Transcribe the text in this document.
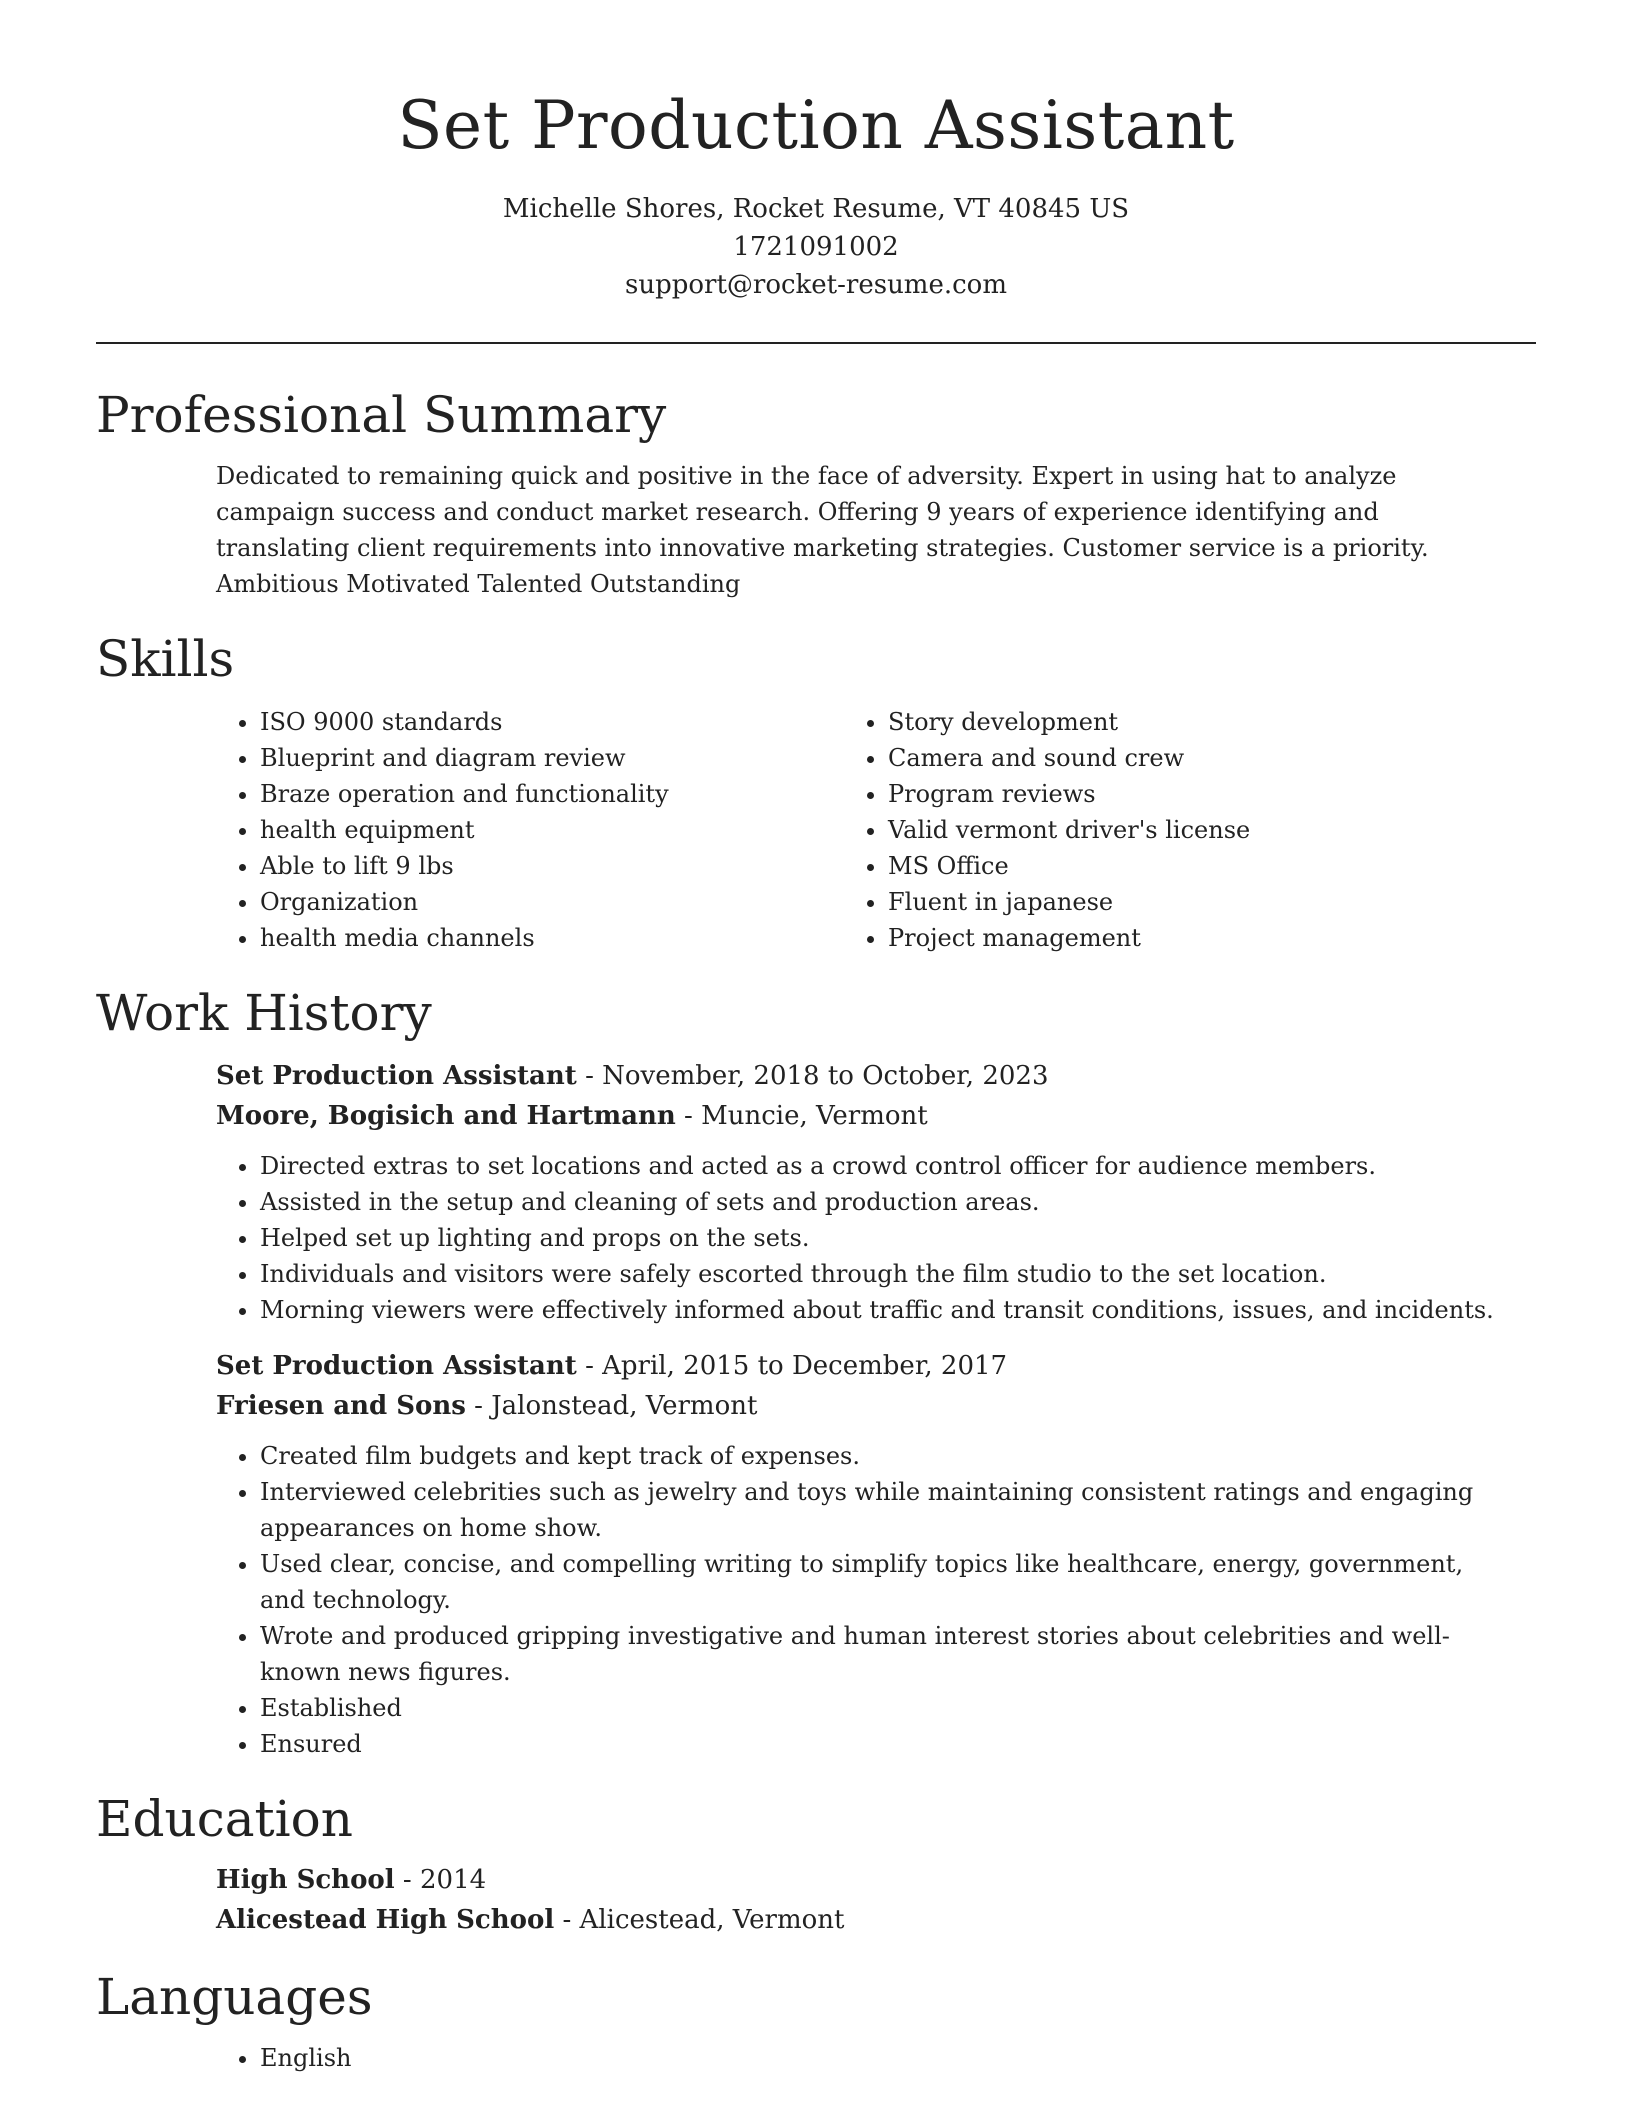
Set Production Assistant
Michelle Shores, Rocket Resume, VT 40845 US
1721091002
support@rocket-resume.com
Professional Summary

Dedicated to remaining quick and positive in the face of adversity. Expert in using hat to analyze campaign success and conduct market research. Offering 9 years of experience identifying and translating client requirements into innovative marketing strategies. Customer service is a priority. Ambitious Motivated Talented Outstanding

Skills
• ISO 9000 standards
• Blueprint and diagram review
• Braze operation and functionality
• health equipment
• Able to lift 9 lbs
• Organization
• health media channels
• Story development
• Camera and sound crew
• Program reviews
• Valid vermont driver's license
• MS Office
• Fluent in japanese
• Project management
Work History
Set Production Assistant - November, 2018 to October, 2023
Moore, Bogisich and Hartmann - Muncie, Vermont
• Directed extras to set locations and acted as a crowd control officer for audience members.
• Assisted in the setup and cleaning of sets and production areas.
• Helped set up lighting and props on the sets.
• Individuals and visitors were safely escorted through the film studio to the set location.
• Morning viewers were effectively informed about traffic and transit conditions, issues, and incidents.
Set Production Assistant - April, 2015 to December, 2017
Friesen and Sons - Jalonstead, Vermont
• Created film budgets and kept track of expenses.
• Interviewed celebrities such as jewelry and toys while maintaining consistent ratings and engaging appearances on home show.
• Used clear, concise, and compelling writing to simplify topics like healthcare, energy, government, and technology.
• Wrote and produced gripping investigative and human interest stories about celebrities and well-known news figures.
• Established
• Ensured
Education
High School - 2014
Alicestead High School - Alicestead, Vermont
Languages
• English
